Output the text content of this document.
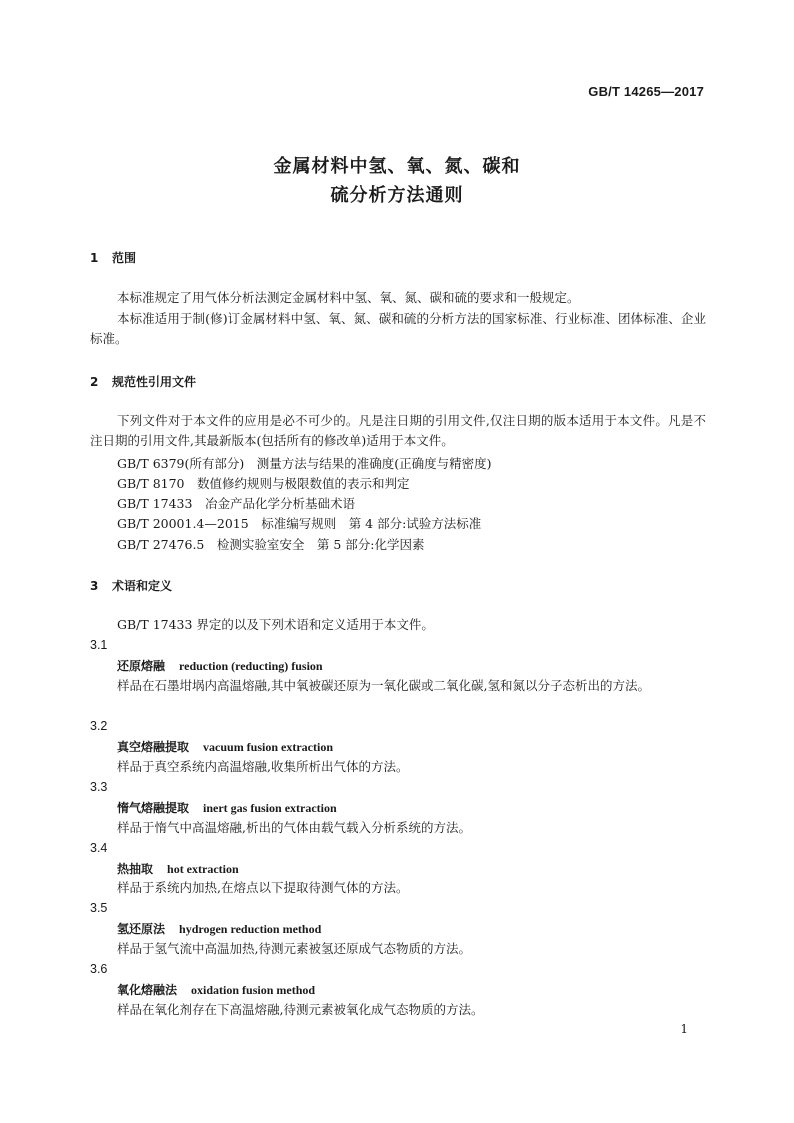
GB/T 14265—2017
金属材料中氢、氧、氮、碳和
硫分析方法通则
1 范围
本标准规定了用气体分析法测定金属材料中氢、氧、氮、碳和硫的要求和一般规定。
本标准适用于制(修)订金属材料中氢、氧、氮、碳和硫的分析方法的国家标准、行业标准、团体标准、企业标准。
2 规范性引用文件
下列文件对于本文件的应用是必不可少的。凡是注日期的引用文件,仅注日期的版本适用于本文件。凡是不注日期的引用文件,其最新版本(包括所有的修改单)适用于本文件。
GB/T 6379(所有部分)　测量方法与结果的准确度(正确度与精密度)
GB/T 8170　数值修约规则与极限数值的表示和判定
GB/T 17433　冶金产品化学分析基础术语
GB/T 20001.4—2015　标准编写规则　第 4 部分:试验方法标准
GB/T 27476.5　检测实验室安全　第 5 部分:化学因素
3 术语和定义
GB/T 17433 界定的以及下列术语和定义适用于本文件。
3.1
还原熔融 reduction (reducting) fusion
样品在石墨坩埚内高温熔融,其中氧被碳还原为一氧化碳或二氧化碳,氢和氮以分子态析出的方法。
3.2
真空熔融提取 vacuum fusion extraction
样品于真空系统内高温熔融,收集所析出气体的方法。
3.3
惰气熔融提取 inert gas fusion extraction
样品于惰气中高温熔融,析出的气体由载气载入分析系统的方法。
3.4
热抽取 hot extraction
样品于系统内加热,在熔点以下提取待测气体的方法。
3.5
氢还原法 hydrogen reduction method
样品于氢气流中高温加热,待测元素被氢还原成气态物质的方法。
3.6
氧化熔融法 oxidation fusion method
样品在氧化剂存在下高温熔融,待测元素被氧化成气态物质的方法。
1
